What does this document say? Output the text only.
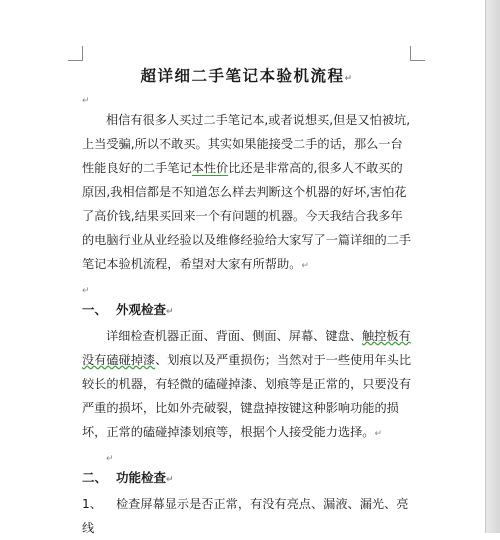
超详细二手笔记本验机流程↵
↵

相信有很多人买过二手笔记本,或者说想买,但是又怕被坑,上当受骗,所以不敢买。其实如果能接受二手的话，那么一台性能良好的二手笔记本性价比还是非常高的,很多人不敢买的原因,我相信都是不知道怎么样去判断这个机器的好坏,害怕花了高价钱,结果买回来一个有问题的机器。今天我结合我多年的电脑行业从业经验以及维修经验给大家写了一篇详细的二手笔记本验机流程，希望对大家有所帮助。↵

↵

一、 外观检查↵

详细检查机器正面、背面、侧面、屏幕、键盘、触控板有没有磕碰掉漆、划痕以及严重损伤；当然对于一些使用年头比较长的机器，有轻微的磕碰掉漆、划痕等是正常的，只要没有严重的损坏，比如外壳破裂，键盘掉按键这种影响功能的损坏，正常的磕碰掉漆划痕等，根据个人接受能力选择。↵

↵

二、 功能检查↵

1、 检查屏幕显示是否正常，有没有亮点、漏液、漏光、亮线
